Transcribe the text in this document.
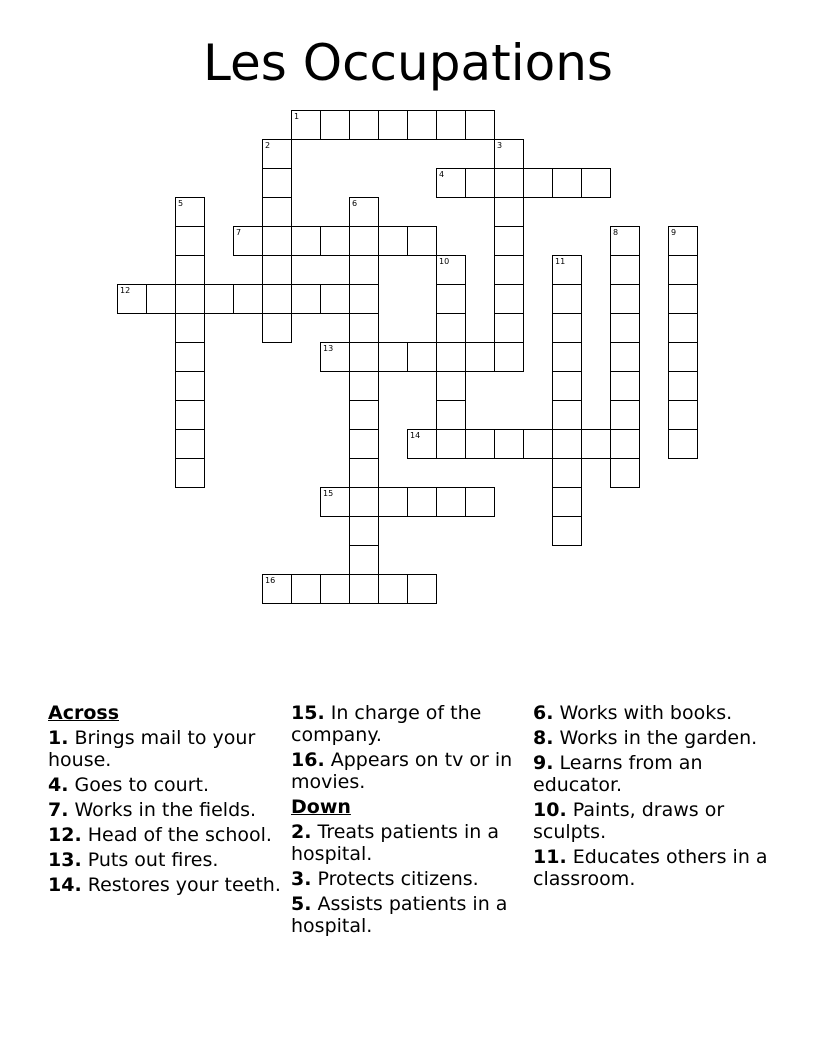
Les Occupations
1
2	3
4
5	6
7	8	9
10	11
12
13
14
15
16
Across
1. Brings mail to your house.
4. Goes to court.
7. Works in the fields.
12. Head of the school.
13. Puts out fires.
14. Restores your teeth.
15. In charge of the company.
16. Appears on tv or in movies.
Down
2. Treats patients in a hospital.
3. Protects citizens.
5. Assists patients in a hospital.
6. Works with books.
8. Works in the garden.
9. Learns from an educator.
10. Paints, draws or sculpts.
11. Educates others in a classroom.
